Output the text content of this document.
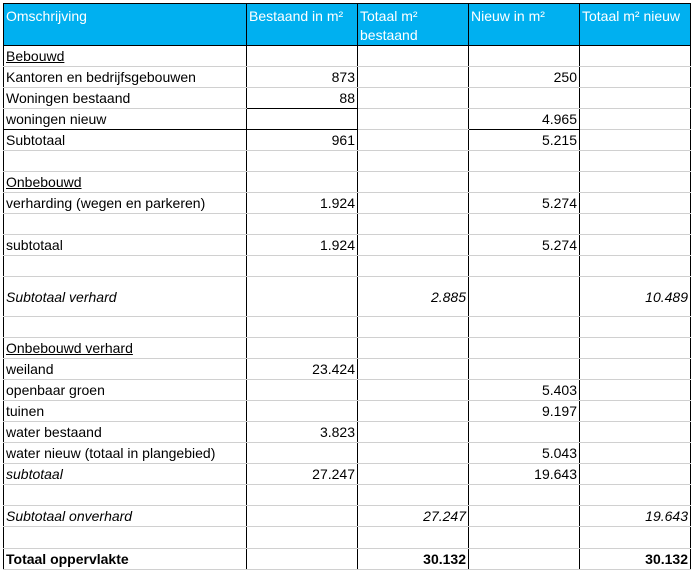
Omschrijving	Bestaand in m²	Totaal m² bestaand	Nieuw in m²	Totaal m² nieuw
Bebouwd				
Kantoren en bedrijfsgebouwen	873		250	
Woningen bestaand	88			
woningen nieuw			4.965	
Subtotaal	961		5.215	

Onbebouwd				
verharding (wegen en parkeren)	1.924		5.274	

subtotaal	1.924		5.274	

Subtotaal verhard		2.885		10.489

Onbebouwd verhard				
weiland	23.424			
openbaar groen			5.403	
tuinen			9.197	
water bestaand	3.823			
water nieuw (totaal in plangebied)			5.043	
subtotaal	27.247		19.643	

Subtotaal onverhard		27.247		19.643

Totaal oppervlakte		30.132		30.132
